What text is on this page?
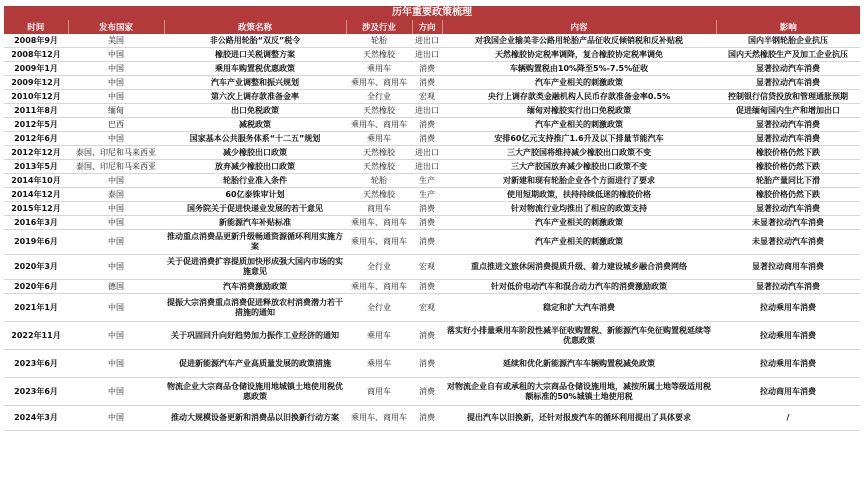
历年重要政策梳理
时间	发布国家	政策名称	涉及行业	方向	内容	影响
2008年9月	美国	非公路用轮胎“双反”税令	轮胎	进出口	对我国企业输美非公路用轮胎产品征收反倾销税和反补贴税	国内半钢轮胎企业抗压
2008年12月	中国	橡胶进口关税调整方案	天然橡胶	进出口	天然橡胶协定税率调降，复合橡胶协定税率调免	国内天然橡胶生产及加工企业抗压
2009年1月	中国	乘用车购置税优惠政策	乘用车	消费	车辆购置税由10%降至5%-7.5%征收	显著拉动汽车消费
2009年12月	中国	汽车产业调整和振兴规划	乘用车、商用车	消费	汽车产业相关的刺激政策	显著拉动汽车消费
2010年12月	中国	第六次上调存款准备金率	全行业	宏观	央行上调存款类金融机构人民币存款准备金率0.5%	控制银行信贷投放和管理通胀预期
2011年8月	缅甸	出口免税政策	天然橡胶	进出口	缅甸对橡胶实行出口免税政策	促进缅甸国内生产和增加出口
2012年5月	巴西	减税政策	乘用车、商用车	消费	汽车产业相关的刺激政策	显著拉动汽车消费
2012年6月	中国	国家基本公共服务体系“十二五”规划	乘用车	消费	安排60亿元支持推广1.6升及以下排量节能汽车	显著拉动汽车消费
2012年12月	泰国、印尼和马来西亚	减少橡胶出口政策	天然橡胶	进出口	三大产胶国将维持减少橡胶出口政策不变	橡胶价格仍然下跌
2013年5月	泰国、印尼和马来西亚	放弃减少橡胶出口政策	天然橡胶	进出口	三大产胶国放弃减少橡胶出口政策不变	橡胶价格仍然下跌
2014年10月	中国	轮胎行业准入条件	轮胎	生产	对新建和现有轮胎企业各个方面进行了要求	轮胎产量同比下滑
2014年12月	泰国	60亿泰铢审计划	天然橡胶	生产	使用短期政策，扶持持续低迷的橡胶价格	橡胶价格仍然下跌
2015年12月	中国	国务院关于促进快递业发展的若干意见	商用车	消费	针对物流行业均推出了相应的政策支持	显著拉动汽车消费
2016年3月	中国	新能源汽车补贴标准	乘用车、商用车	消费	汽车产业相关的刺激政策	未显著拉动汽车消费
2019年6月	中国	推动重点消费品更新升级畅通资源循环利用实施方案	乘用车、商用车	消费	汽车产业相关的刺激政策	未显著拉动汽车消费
2020年3月	中国	关于促进消费扩容提质加快形成强大国内市场的实施意见	全行业	宏观	重点推进文旅休闲消费提质升级、着力建设城乡融合消费网络	显著拉动商用车消费
2020年6月	德国	汽车消费激励政策	乘用车、商用车	消费	针对低价电动汽车和混合动力汽车的消费激励政策	显著拉动汽车消费
2021年1月	中国	提振大宗消费重点消费促进释放农村消费潜力若干措施的通知	全行业	宏观	稳定和扩大汽车消费	拉动乘用车消费
2022年11月	中国	关于巩固回升向好趋势加力振作工业经济的通知	乘用车	消费	落实好小排量乘用车阶段性减半征收购置税、新能源汽车免征购置税延续等优惠政策	拉动乘用车消费
2023年6月	中国	促进新能源汽车产业高质量发展的政策措施	乘用车	消费	延续和优化新能源汽车车辆购置税减免政策	拉动乘用车消费
2023年6月	中国	物流企业大宗商品仓储设施用地城镇土地使用税优惠政策	商用车	消费	对物流企业自有或承租的大宗商品仓储设施用地，减按所属土地等级适用税额标准的50%城镇土地使用税	拉动商用车消费
2024年3月	中国	推动大规模设备更新和消费品以旧换新行动方案	乘用车、商用车	消费	提出汽车以旧换新，还针对报废汽车的循环利用提出了具体要求	/
